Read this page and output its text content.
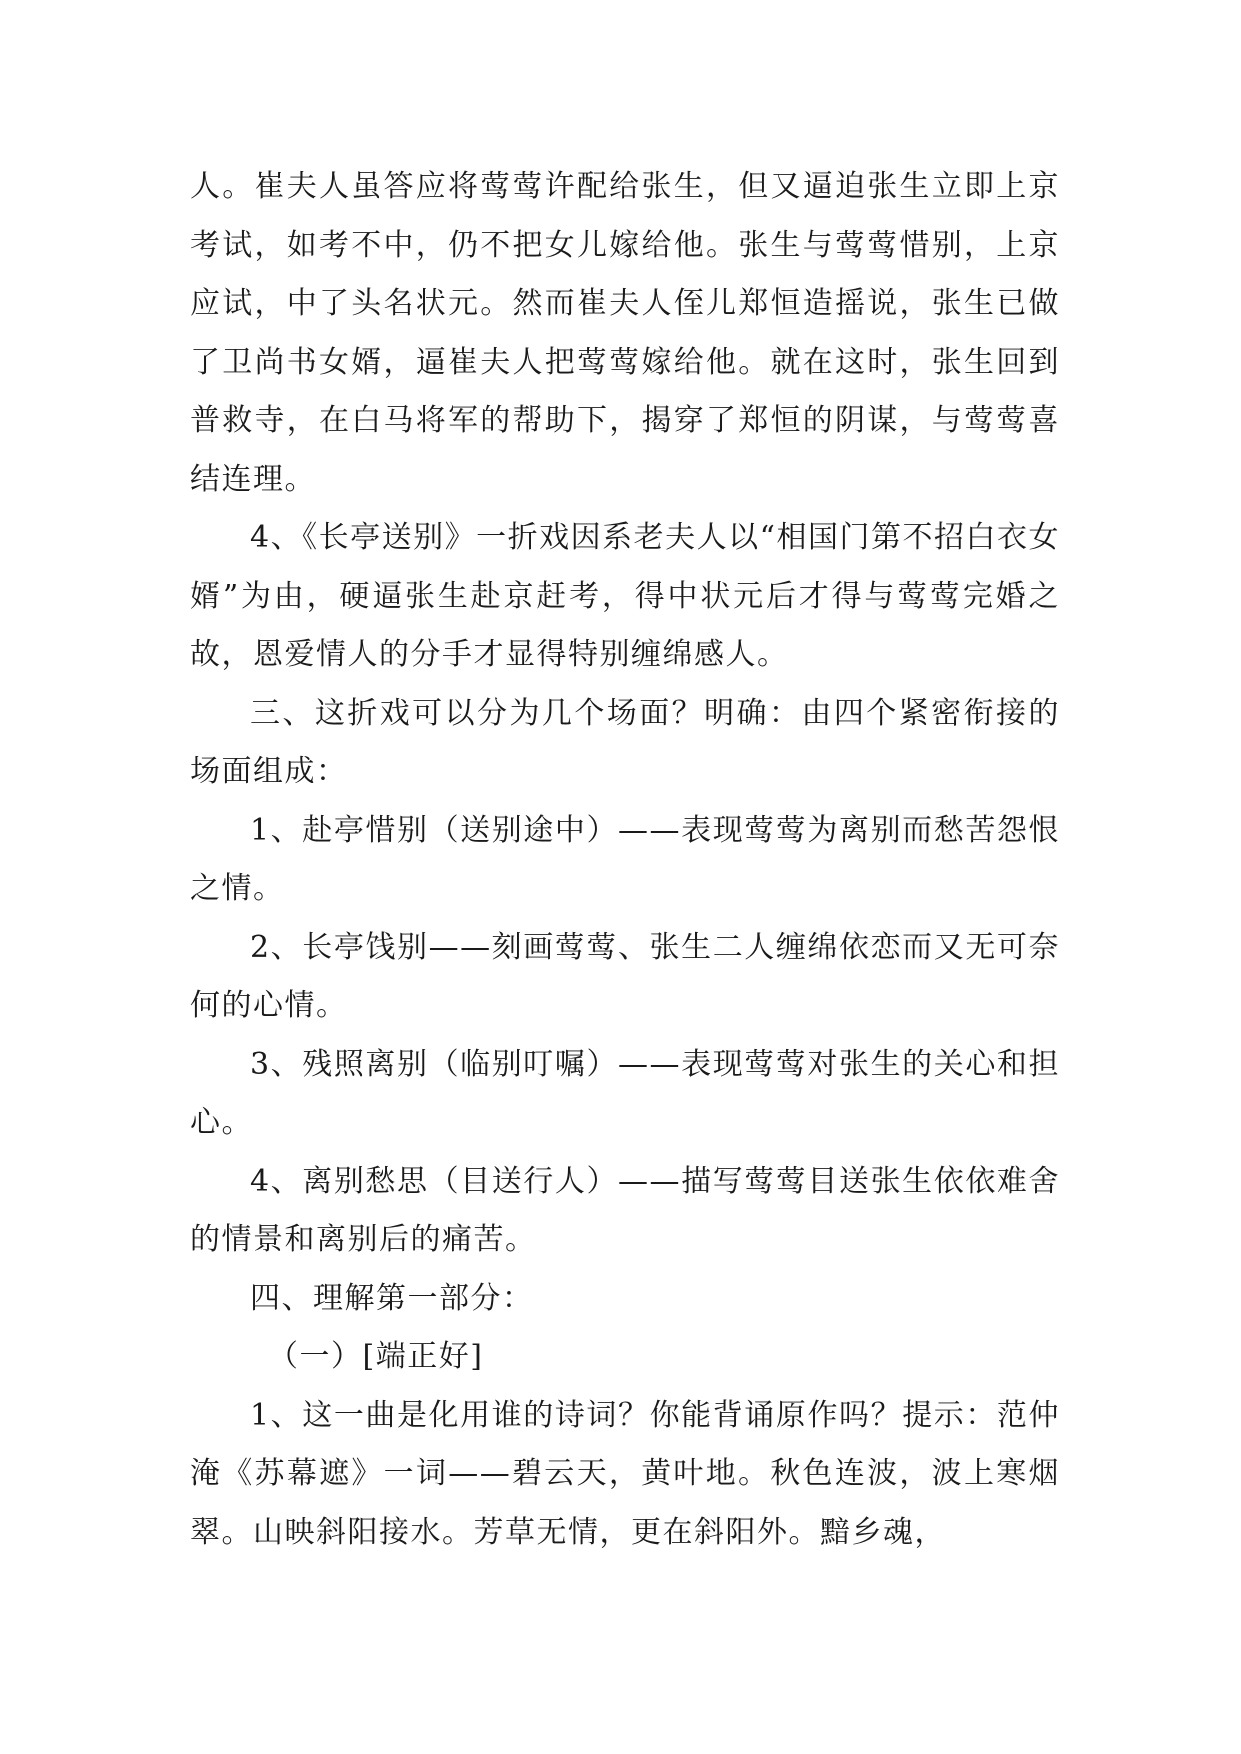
人。崔夫人虽答应将莺莺许配给张生，但又逼迫张生立即上京考试，如考不中，仍不把女儿嫁给他。张生与莺莺惜别，上京应试，中了头名状元。然而崔夫人侄儿郑恒造摇说，张生已做了卫尚书女婿，逼崔夫人把莺莺嫁给他。就在这时，张生回到普救寺，在白马将军的帮助下，揭穿了郑恒的阴谋，与莺莺喜结连理。

4、《长亭送别》一折戏因系老夫人以“相国门第不招白衣女婿”为由，硬逼张生赴京赶考，得中状元后才得与莺莺完婚之故，恩爱情人的分手才显得特别缠绵感人。

三、这折戏可以分为几个场面？明确：由四个紧密衔接的场面组成：

1、赴亭惜别（送别途中）——表现莺莺为离别而愁苦怨恨之情。

2、长亭饯别——刻画莺莺、张生二人缠绵依恋而又无可奈何的心情。

3、残照离别（临别叮嘱）——表现莺莺对张生的关心和担心。

4、离别愁思（目送行人）——描写莺莺目送张生依依难舍的情景和离别后的痛苦。

四、理解第一部分：

（一）[端正好]

1、这一曲是化用谁的诗词？你能背诵原作吗？提示：范仲淹《苏幕遮》一词——碧云天，黄叶地。秋色连波，波上寒烟翠。山映斜阳接水。芳草无情，更在斜阳外。黯乡魂，
